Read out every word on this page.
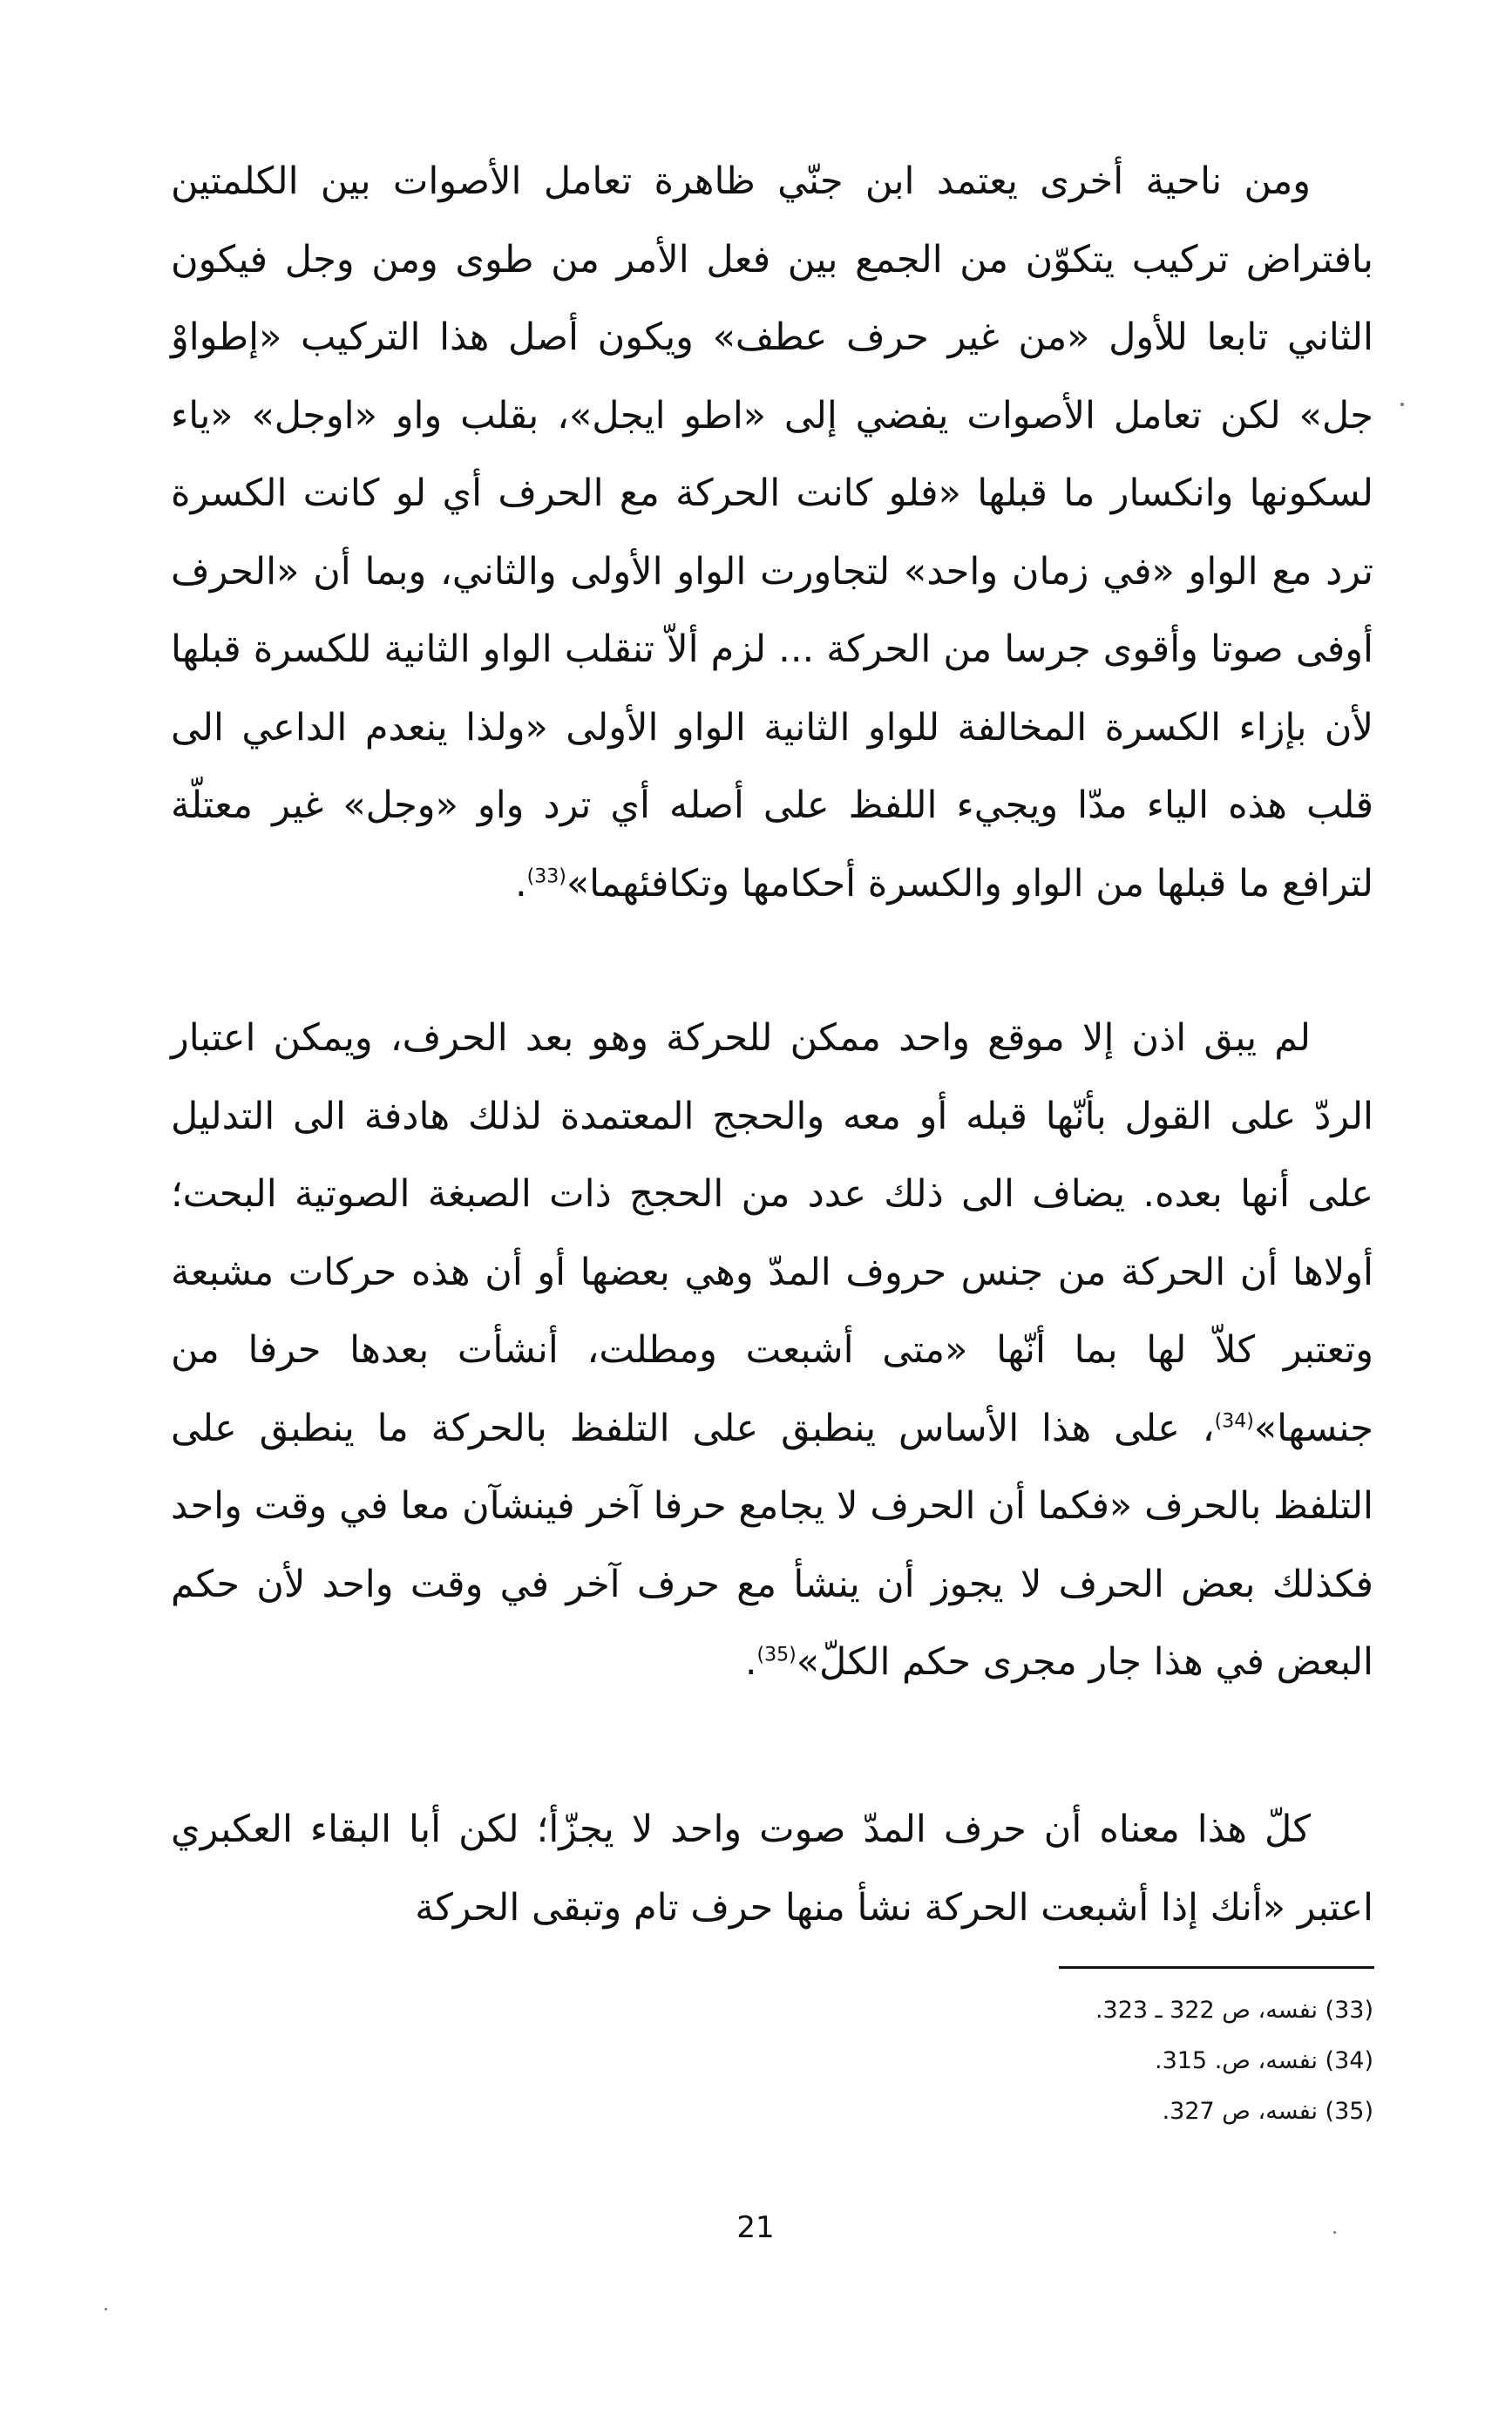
ومن ناحية أخرى يعتمد ابن جنّي ظاهرة تعامل الأصوات بين الكلمتين بافتراض تركيب يتكوّن من الجمع بين فعل الأمر من طوى ومن وجل فيكون الثاني تابعا للأول «من غير حرف عطف» ويكون أصل هذا التركيب «إطواوْ جل» لكن تعامل الأصوات يفضي إلى «اطو ايجل»، بقلب واو «اوجل» «ياء لسكونها وانكسار ما قبلها «فلو كانت الحركة مع الحرف أي لو كانت الكسرة ترد مع الواو «في زمان واحد» لتجاورت الواو الأولى والثاني، وبما أن «الحرف أوفى صوتا وأقوى جرسا من الحركة ... لزم ألاّ تنقلب الواو الثانية للكسرة قبلها لأن بإزاء الكسرة المخالفة للواو الثانية الواو الأولى «ولذا ينعدم الداعي الى قلب هذه الياء مدّا ويجيء اللفظ على أصله أي ترد واو «وجل» غير معتلّة لترافع ما قبلها من الواو والكسرة أحكامها وتكافئهما»$^{(33)}$.
لم يبق اذن إلا موقع واحد ممكن للحركة وهو بعد الحرف، ويمكن اعتبار الردّ على القول بأنّها قبله أو معه والحجج المعتمدة لذلك هادفة الى التدليل على أنها بعده. يضاف الى ذلك عدد من الحجج ذات الصبغة الصوتية البحت؛ أولاها أن الحركة من جنس حروف المدّ وهي بعضها أو أن هذه حركات مشبعة وتعتبر كلاّ لها بما أنّها «متى أشبعت ومطلت، أنشأت بعدها حرفا من جنسها»$^{(34)}$، على هذا الأساس ينطبق على التلفظ بالحركة ما ينطبق على التلفظ بالحرف «فكما أن الحرف لا يجامع حرفا آخر فينشآن معا في وقت واحد فكذلك بعض الحرف لا يجوز أن ينشأ مع حرف آخر في وقت واحد لأن حكم البعض في هذا جار مجرى حكم الكلّ»$^{(35)}$.
كلّ هذا معناه أن حرف المدّ صوت واحد لا يجزّأ؛ لكن أبا البقاء العكبري اعتبر «أنك إذا أشبعت الحركة نشأ منها حرف تام وتبقى الحركة
(33) نفسه، ص 322 ـ 323.
(34) نفسه، ص. 315.
(35) نفسه، ص 327.
21
